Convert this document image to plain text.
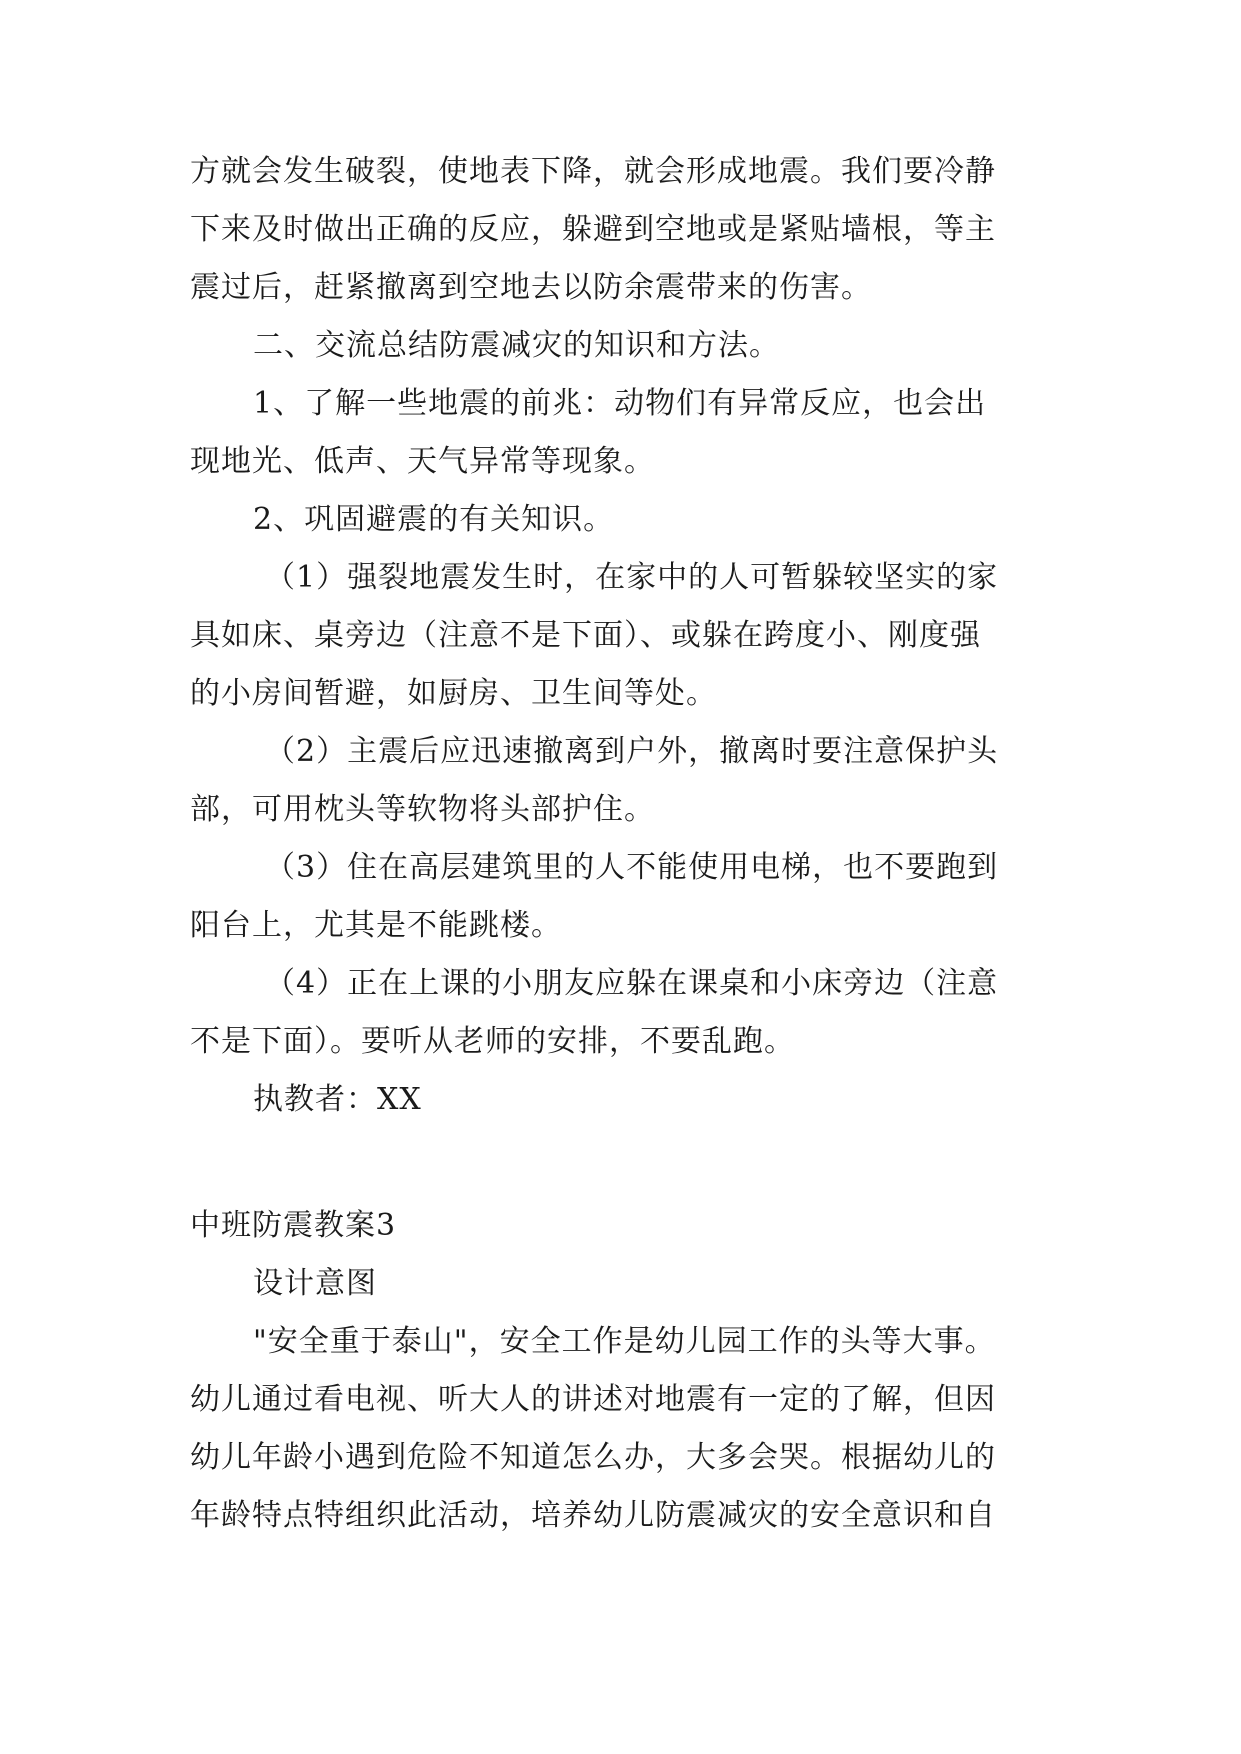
方就会发生破裂，使地表下降，就会形成地震。我们要冷静

下来及时做出正确的反应，躲避到空地或是紧贴墙根，等主

震过后，赶紧撤离到空地去以防余震带来的伤害。

二、交流总结防震减灾的知识和方法。

1、了解一些地震的前兆：动物们有异常反应，也会出

现地光、低声、天气异常等现象。

2、巩固避震的有关知识。

（1）强裂地震发生时，在家中的人可暂躲较坚实的家

具如床、桌旁边（注意不是下面）、或躲在跨度小、刚度强

的小房间暂避，如厨房、卫生间等处。

（2）主震后应迅速撤离到户外，撤离时要注意保护头

部，可用枕头等软物将头部护住。

（3）住在高层建筑里的人不能使用电梯，也不要跑到

阳台上，尤其是不能跳楼。

（4）正在上课的小朋友应躲在课桌和小床旁边（注意

不是下面）。要听从老师的安排，不要乱跑。

执教者：XX

中班防震教案3

设计意图

"安全重于泰山"，安全工作是幼儿园工作的头等大事。

幼儿通过看电视、听大人的讲述对地震有一定的了解，但因

幼儿年龄小遇到危险不知道怎么办，大多会哭。根据幼儿的

年龄特点特组织此活动，培养幼儿防震减灾的安全意识和自
